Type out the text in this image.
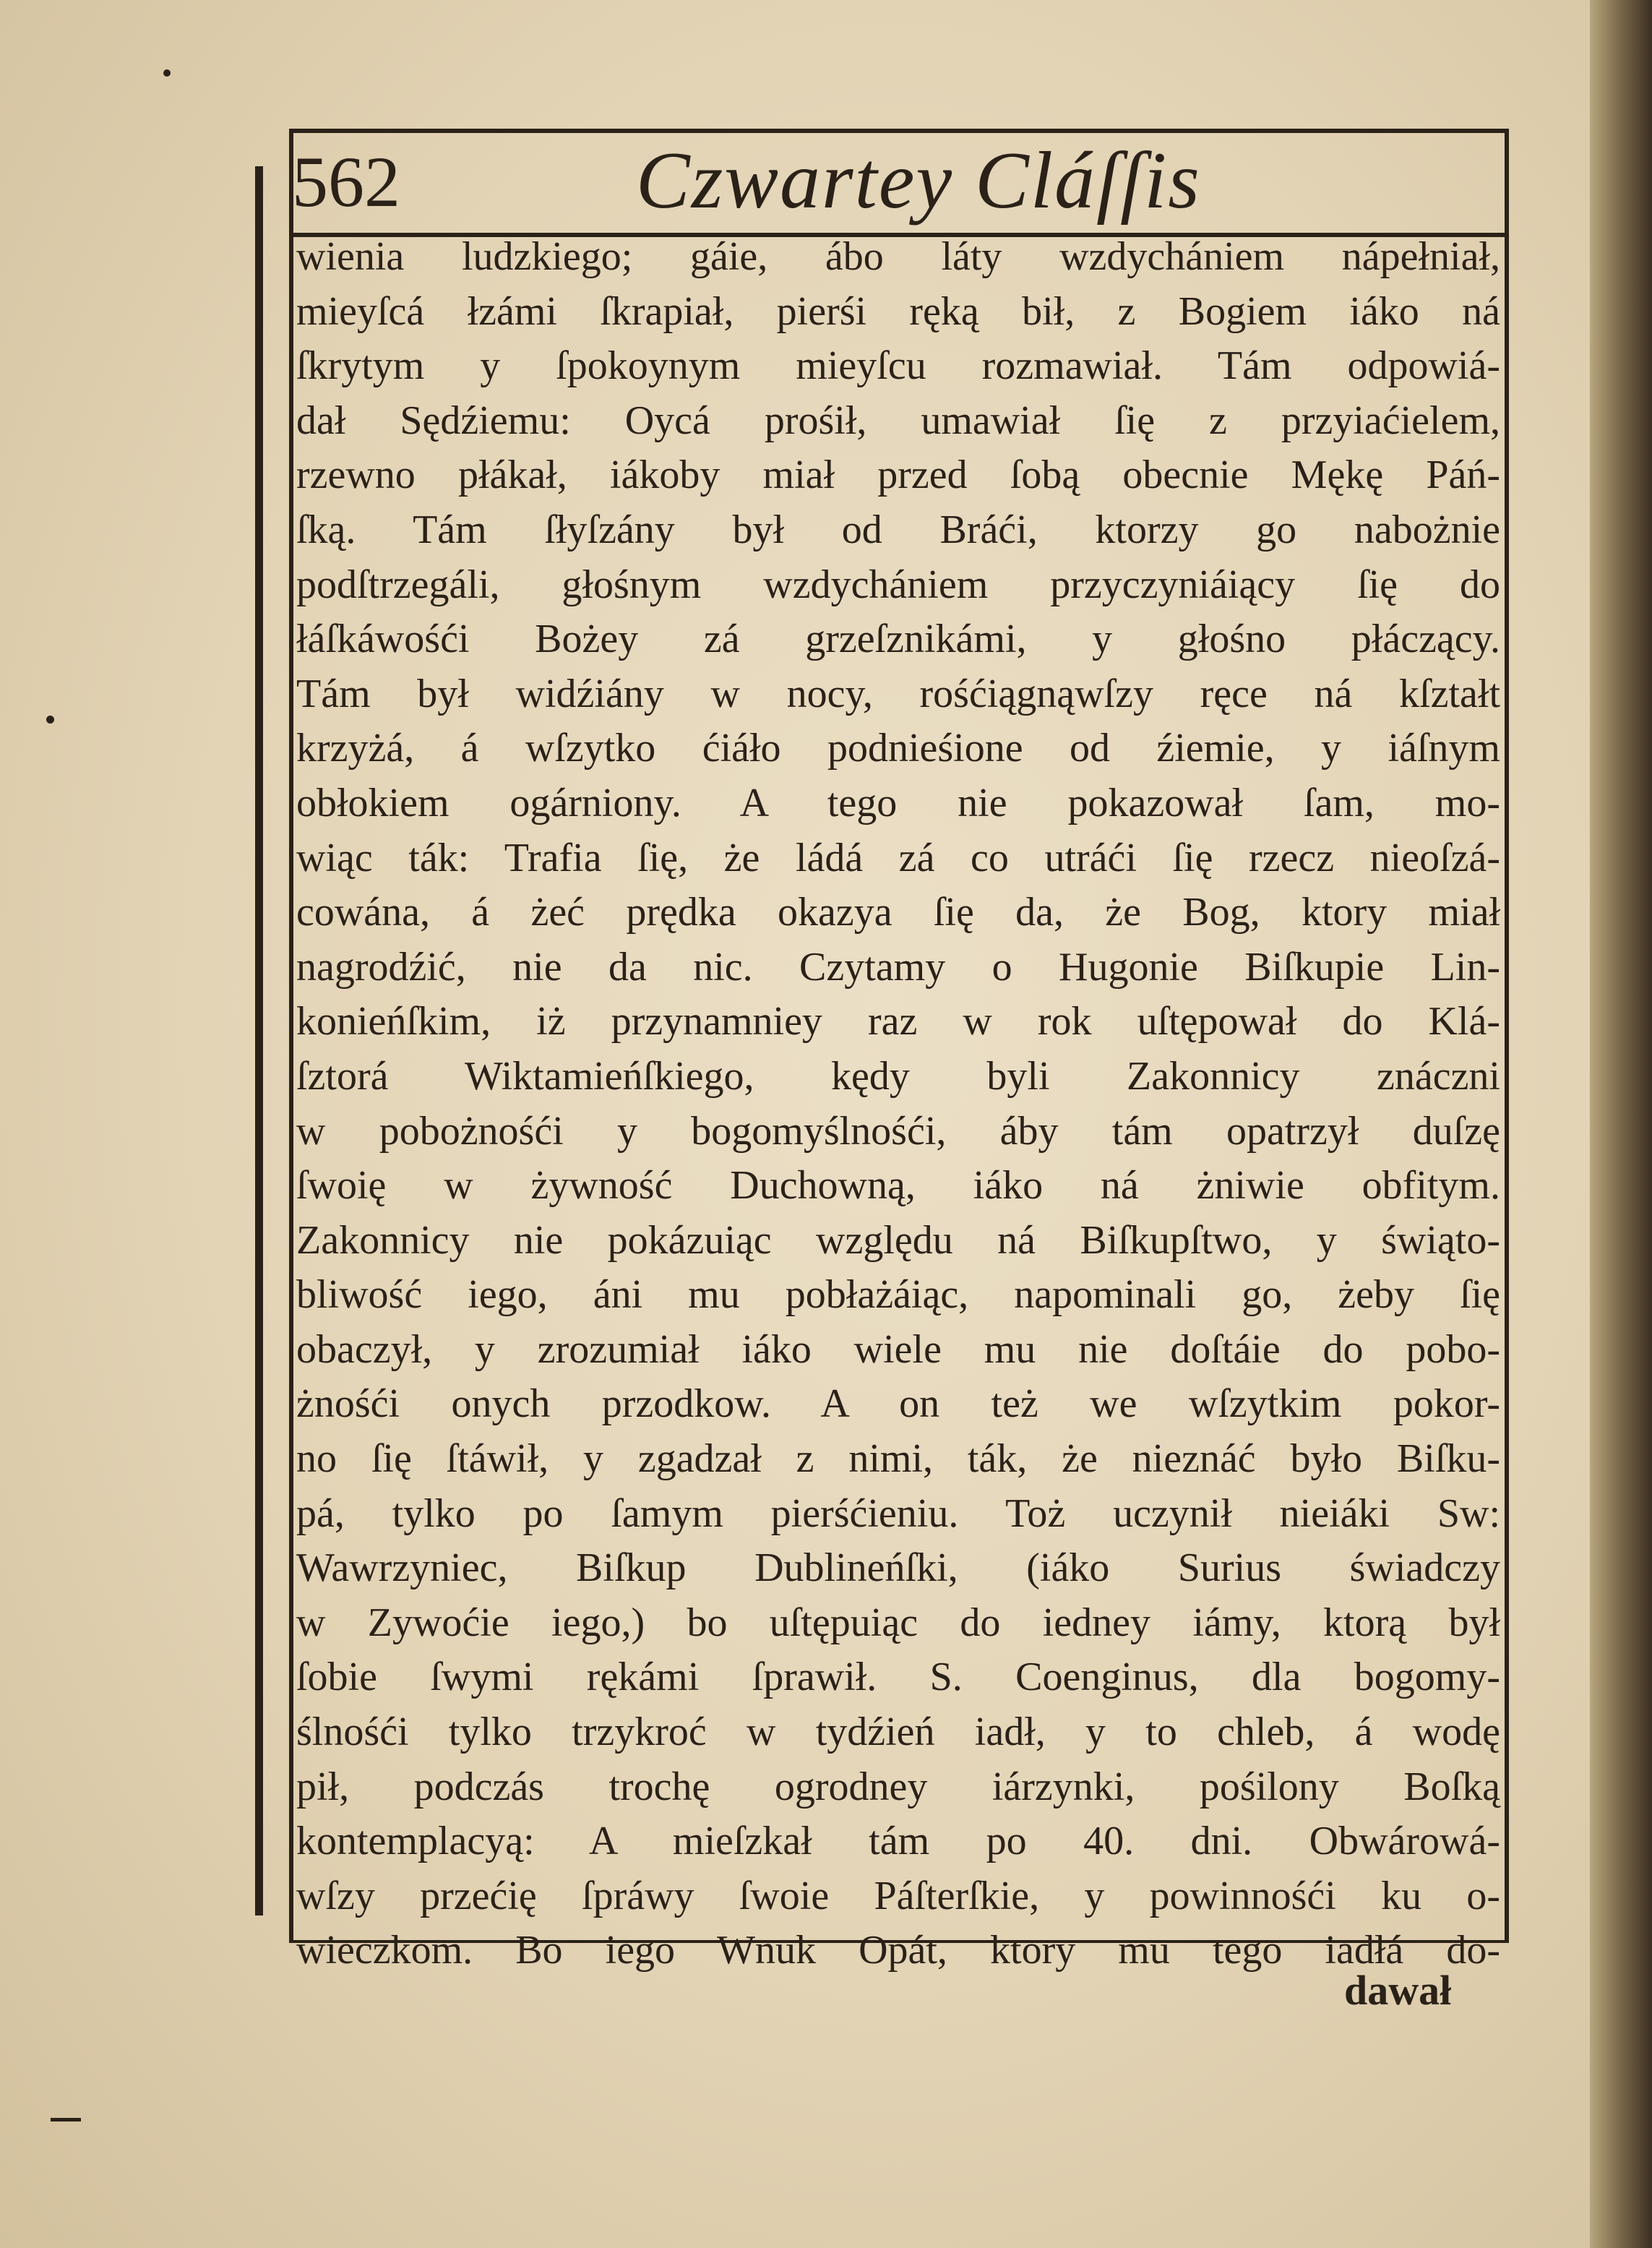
562	Czwartey Cláſſis
wienia ludzkiego; gáie, ábo láty wzdychániem nápełniał,
mieyſcá łzámi ſkrapiał, pierśi ręką bił, z Bogiem iáko ná
ſkrytym y ſpokoynym mieyſcu rozmawiał. Tám odpowiá-
dał Sędźiemu: Oycá prośił, umawiał ſię z przyiaćielem,
rzewno płákał, iákoby miał przed ſobą obecnie Mękę Páń-
ſką. Tám ſłyſzány był od Bráći, ktorzy go nabożnie
podſtrzegáli, głośnym wzdychániem przyczyniáiący ſię do
łáſkáwośći Bożey zá grzeſznikámi, y głośno płáczący.
Tám był widźiány w nocy, rośćiągnąwſzy ręce ná kſztałt
krzyżá, á wſzytko ćiáło podnieśione od źiemie, y iáſnym
obłokiem ogárniony. A tego nie pokazował ſam, mo-
wiąc ták: Trafia ſię, że ládá zá co utráći ſię rzecz nieoſzá-
cowána, á żeć prędka okazya ſię da, że Bog, ktory miał
nagrodźić, nie da nic. Czytamy o Hugonie Biſkupie Lin-
konieńſkim, iż przynamniey raz w rok uſtępował do Klá-
ſztorá Wiktamieńſkiego, kędy byli Zakonnicy znáczni
w pobożnośći y bogomyślnośći, áby tám opatrzył duſzę
ſwoię w żywność Duchowną, iáko ná żniwie obfitym.
Zakonnicy nie pokázuiąc względu ná Biſkupſtwo, y świątо-
bliwość iego, áni mu pobłażáiąc, napominali go, żeby ſię
obaczył, y zrozumiał iáko wiele mu nie doſtáie do pobo-
żnośći onych przodkow. A on też we wſzytkim pokor-
no ſię ſtáwił, y zgadzał z nimi, ták, że nieznáć było Biſku-
pá, tylko po ſamym pierśćieniu. Toż uczynił nieiáki Sw:
Wawrzyniec, Biſkup Dublineńſki, (iáko Surius świadczy
w Zywoćie iego,) bo uſtępuiąc do iedney iámy, ktorą był
ſobie ſwymi rękámi ſprawił. S. Coenginus, dla bogomy-
ślnośći tylko trzykroć w tydźień iadł, y to chleb, á wodę
pił, podczás trochę ogrodney iárzynki, pośilony Boſką
kontemplacyą: A mieſzkał tám po 40. dni. Obwárowá-
wſzy przećię ſpráwy ſwoie Páſterſkie, y powinnośći ku o-
wieczkom. Bo iego Wnuk Opát, ktory mu tego iadłá do-
dawał
